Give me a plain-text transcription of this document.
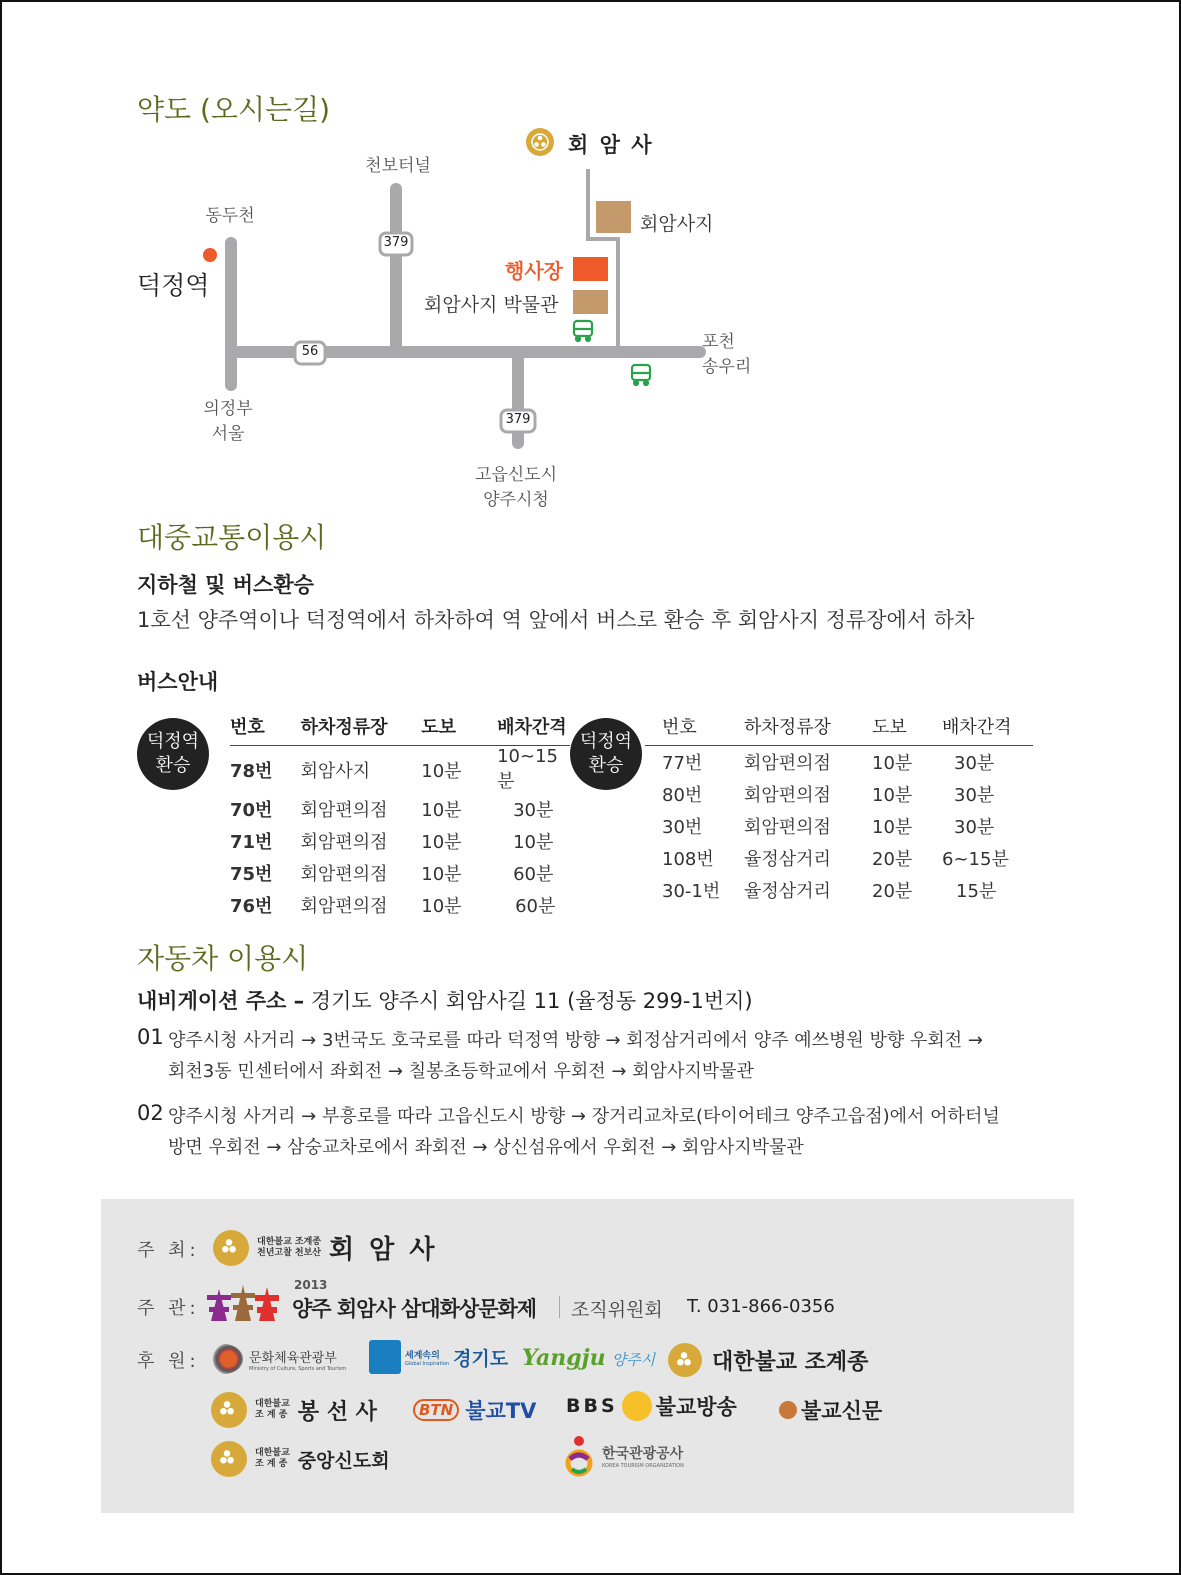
약도 (오시는길)
회 암 사
천보터널
동두천
덕정역
의정부
서울
고읍신도시
양주시청
포천
송우리
회암사지
행사장
회암사지 박물관
379
56
379
대중교통이용시
지하철 및 버스환승
1호선 양주역이나 덕정역에서 하차하여 역 앞에서 버스로 환승 후 회암사지 정류장에서 하차
버스안내
덕정역
환승
번호	하차정류장	도보	배차간격
78번	회암사지	10분	10~15분
70번	회암편의점	10분	30분
71번	회암편의점	10분	10분
75번	회암편의점	10분	60분
76번	회암편의점	10분	60분
덕정역
환승
번호	하차정류장	도보	배차간격
77번	회암편의점	10분	30분
80번	회암편의점	10분	30분
30번	회암편의점	10분	30분
108번	율정삼거리	20분	6~15분
30-1번	율정삼거리	20분	15분
자동차 이용시
내비게이션 주소 – 경기도 양주시 회암사길 11 (율정동 299-1번지)
01 양주시청 사거리 → 3번국도 호국로를 따라 덕정역 방향 → 회정삼거리에서 양주 예쓰병원 방향 우회전 →
회천3동 민센터에서 좌회전 → 칠봉초등학교에서 우회전 → 회암사지박물관
02 양주시청 사거리 → 부흥로를 따라 고읍신도시 방향 → 장거리교차로(타이어테크 양주고읍점)에서 어하터널
방면 우회전 → 삼숭교차로에서 좌회전 → 상신섬유에서 우회전 → 회암사지박물관
주 최:	대한불교 조계종
천년고찰 천보산 회 암 사
주 관:
2013
양주 회암사 삼대화상문화제 조직위원회 T. 031-866-0356
후 원:	문화체육관광부
Ministry of Culture, Sports and Tourism
세계속의
Global Inspiration 경기도 Yangju 양주시	대한불교 조계종
대한불교
조 계 종 봉 선 사	BTN 불교TV BBS 불교방송	불교신문
대한불교
조 계 종 중앙신도회	한국관광공사
KOREA TOURISM ORGANIZATION
